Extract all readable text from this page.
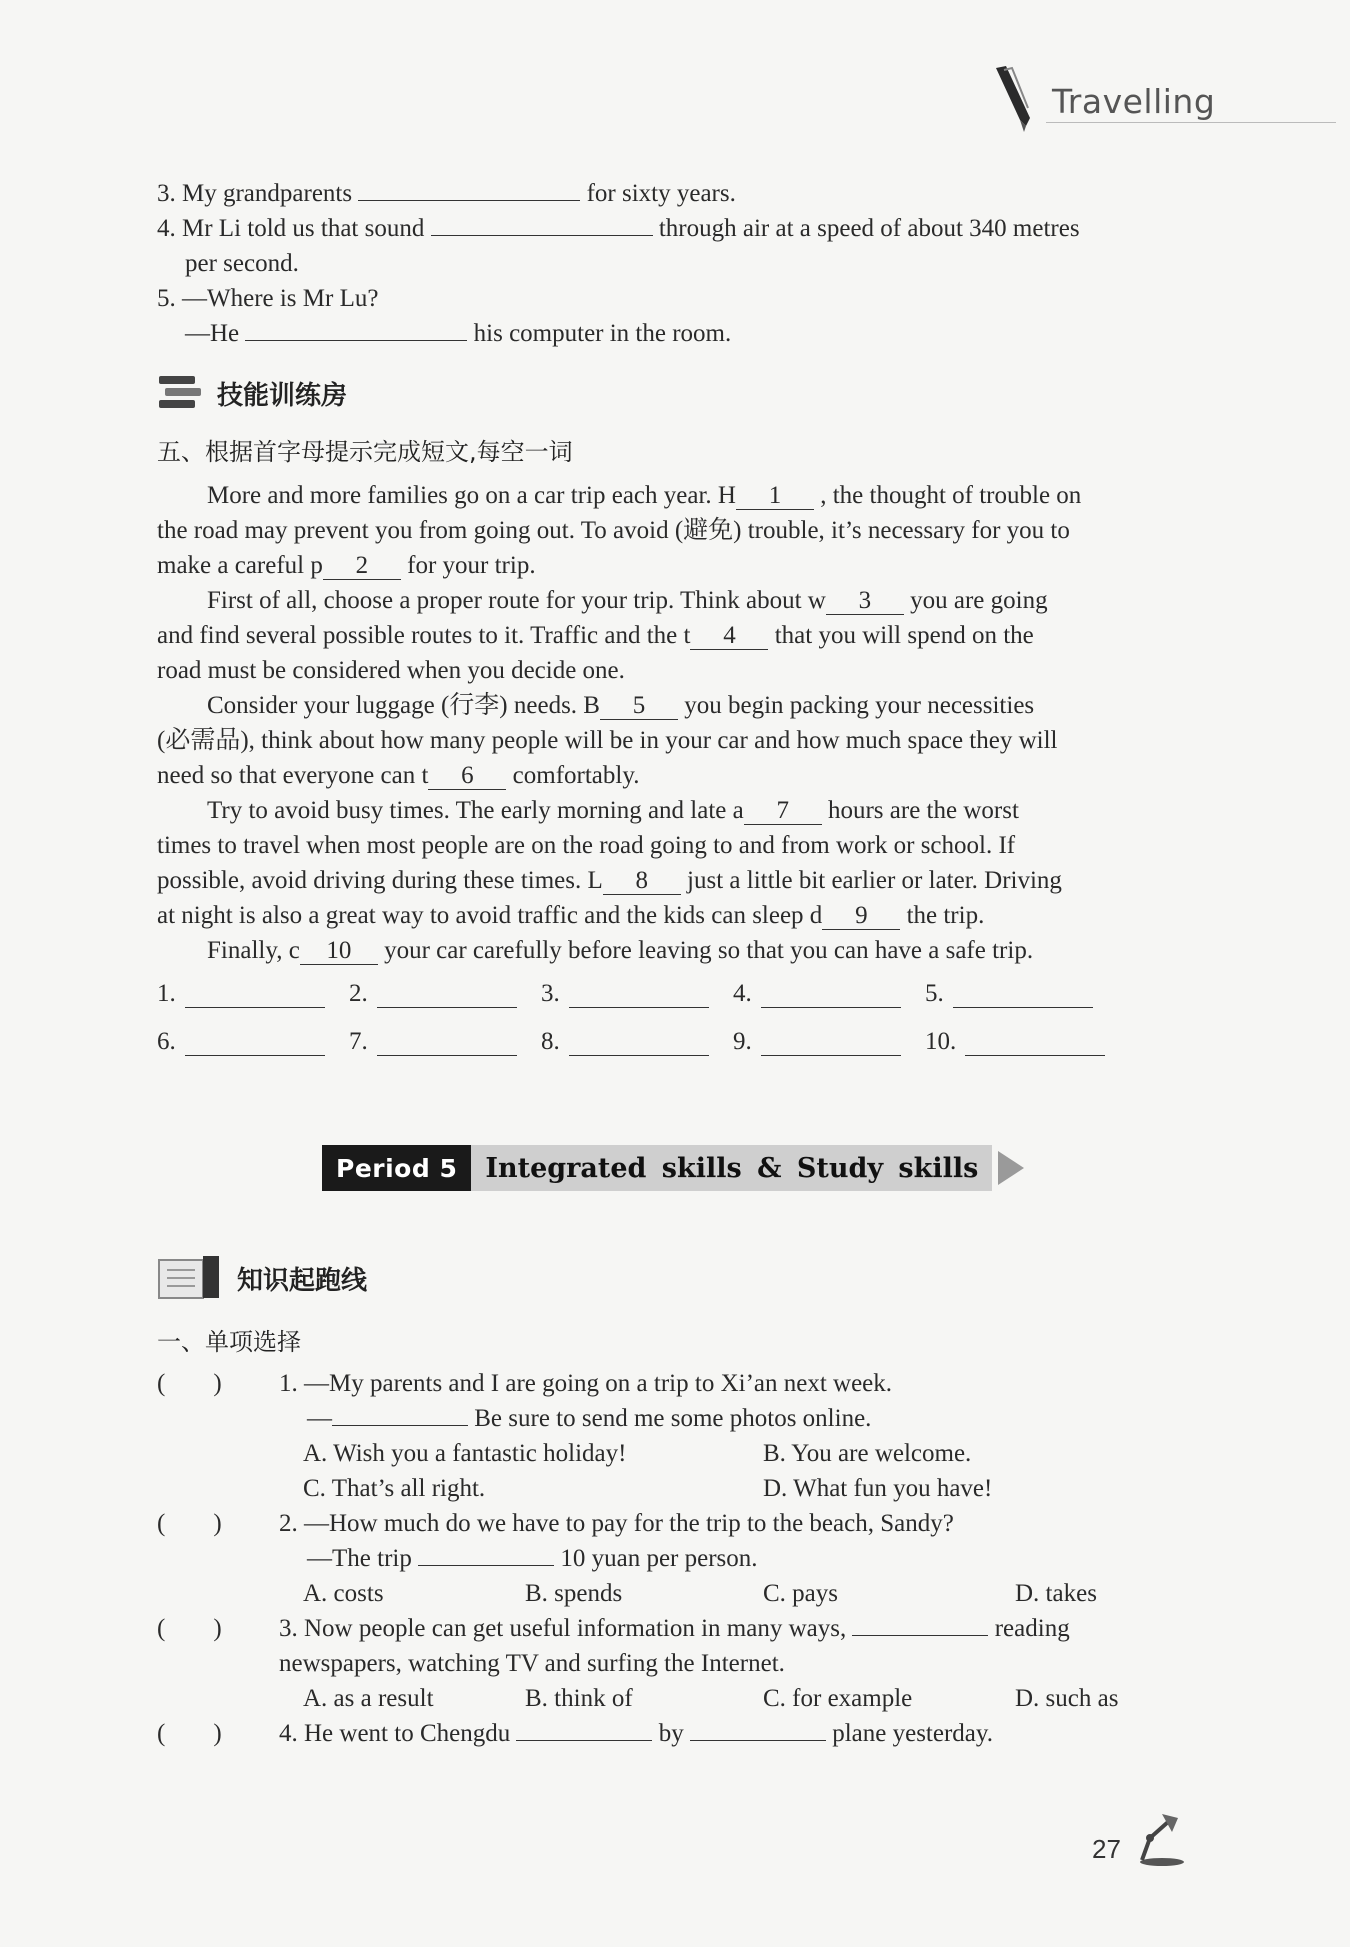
Travelling
3. My grandparents	for sixty years.
4. Mr Li told us that sound	through air at a speed of about 340 metres
per second.
5. —Where is Mr Lu?
—He	his computer in the room.
技能训练房
五、根据首字母提示完成短文,每空一词
More and more families go on a car trip each year. H 1 , the thought of trouble on
the road may prevent you from going out. To avoid (避免) trouble, it’s necessary for you to
make a careful p 2 for your trip.
First of all, choose a proper route for your trip. Think about w 3 you are going
and find several possible routes to it. Traffic and the t 4 that you will spend on the
road must be considered when you decide one.
Consider your luggage (行李) needs. B 5 you begin packing your necessities
(必需品), think about how many people will be in your car and how much space they will
need so that everyone can t 6 comfortably.
Try to avoid busy times. The early morning and late a 7 hours are the worst
times to travel when most people are on the road going to and from work or school. If
possible, avoid driving during these times. L 8 just a little bit earlier or later. Driving
at night is also a great way to avoid traffic and the kids can sleep d 9 the trip.
Finally, c 10 your car carefully before leaving so that you can have a safe trip.
1.	2.	3.	4.	5.
6.	7.	8.	9.	10.
Period 5	Integrated skills & Study skills
知识起跑线
一、单项选择
( ) 1. —My parents and I are going on a trip to Xi’an next week.
—	Be sure to send me some photos online.
A. Wish you a fantastic holiday!	B. You are welcome.
C. That’s all right.	D. What fun you have!
( ) 2. —How much do we have to pay for the trip to the beach, Sandy?
—The trip	10 yuan per person.
A. costs	B. spends	C. pays	D. takes
( ) 3. Now people can get useful information in many ways,	reading
newspapers, watching TV and surfing the Internet.
A. as a result	B. think of	C. for example	D. such as
( ) 4. He went to Chengdu	by	plane yesterday.
27
